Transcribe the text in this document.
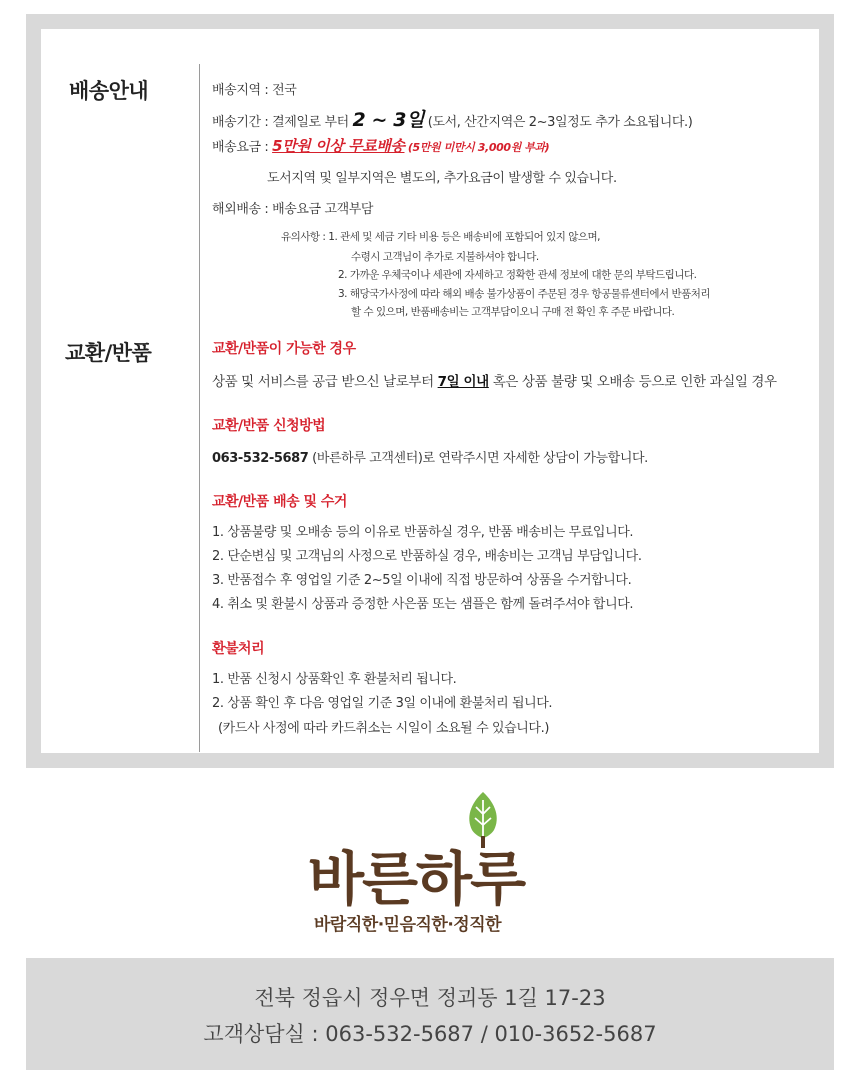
배송안내
교환/반품
배송지역 : 전국
배송기간 : 결제일로 부터 2 ~ 3일 (도서, 산간지역은 2~3일정도 추가 소요됩니다.)
배송요금 : 5만원 이상 무료배송 (5만원 미만시 3,000원 부과)
도서지역 및 일부지역은 별도의, 추가요금이 발생할 수 있습니다.
해외배송 : 배송요금 고객부담
유의사항 : 1. 관세 및 세금 기타 비용 등은 배송비에 포함되어 있지 않으며,
수령시 고객님이 추가로 지불하셔야 합니다.
2. 가까운 우체국이나 세관에 자세하고 정확한 관세 정보에 대한 문의 부탁드립니다.
3. 해당국가사정에 따라 해외 배송 불가상품이 주문된 경우 항공물류센터에서 반품처리
할 수 있으며, 반품배송비는 고객부담이오니 구매 전 확인 후 주문 바랍니다.
교환/반품이 가능한 경우
상품 및 서비스를 공급 받으신 날로부터 7일 이내 혹은 상품 불량 및 오배송 등으로 인한 과실일 경우
교환/반품 신청방법
063-532-5687 (바른하루 고객센터)로 연락주시면 자세한 상담이 가능합니다.
교환/반품 배송 및 수거
1. 상품불량 및 오배송 등의 이유로 반품하실 경우, 반품 배송비는 무료입니다.
2. 단순변심 및 고객님의 사정으로 반품하실 경우, 배송비는 고객님 부담입니다.
3. 반품접수 후 영업일 기준 2~5일 이내에 직접 방문하여 상품을 수거합니다.
4. 취소 및 환불시 상품과 증정한 사은품 또는 샘플은 함께 돌려주셔야 합니다.
환불처리
1. 반품 신청시 상품확인 후 환불처리 됩니다.
2. 상품 확인 후 다음 영업일 기준 3일 이내에 환불처리 됩니다.
(카드사 사정에 따라 카드취소는 시일이 소요될 수 있습니다.)
바른하루
바람직한·믿음직한·정직한
전북 정읍시 정우면 정괴동 1길 17-23
고객상담실 : 063-532-5687 / 010-3652-5687
